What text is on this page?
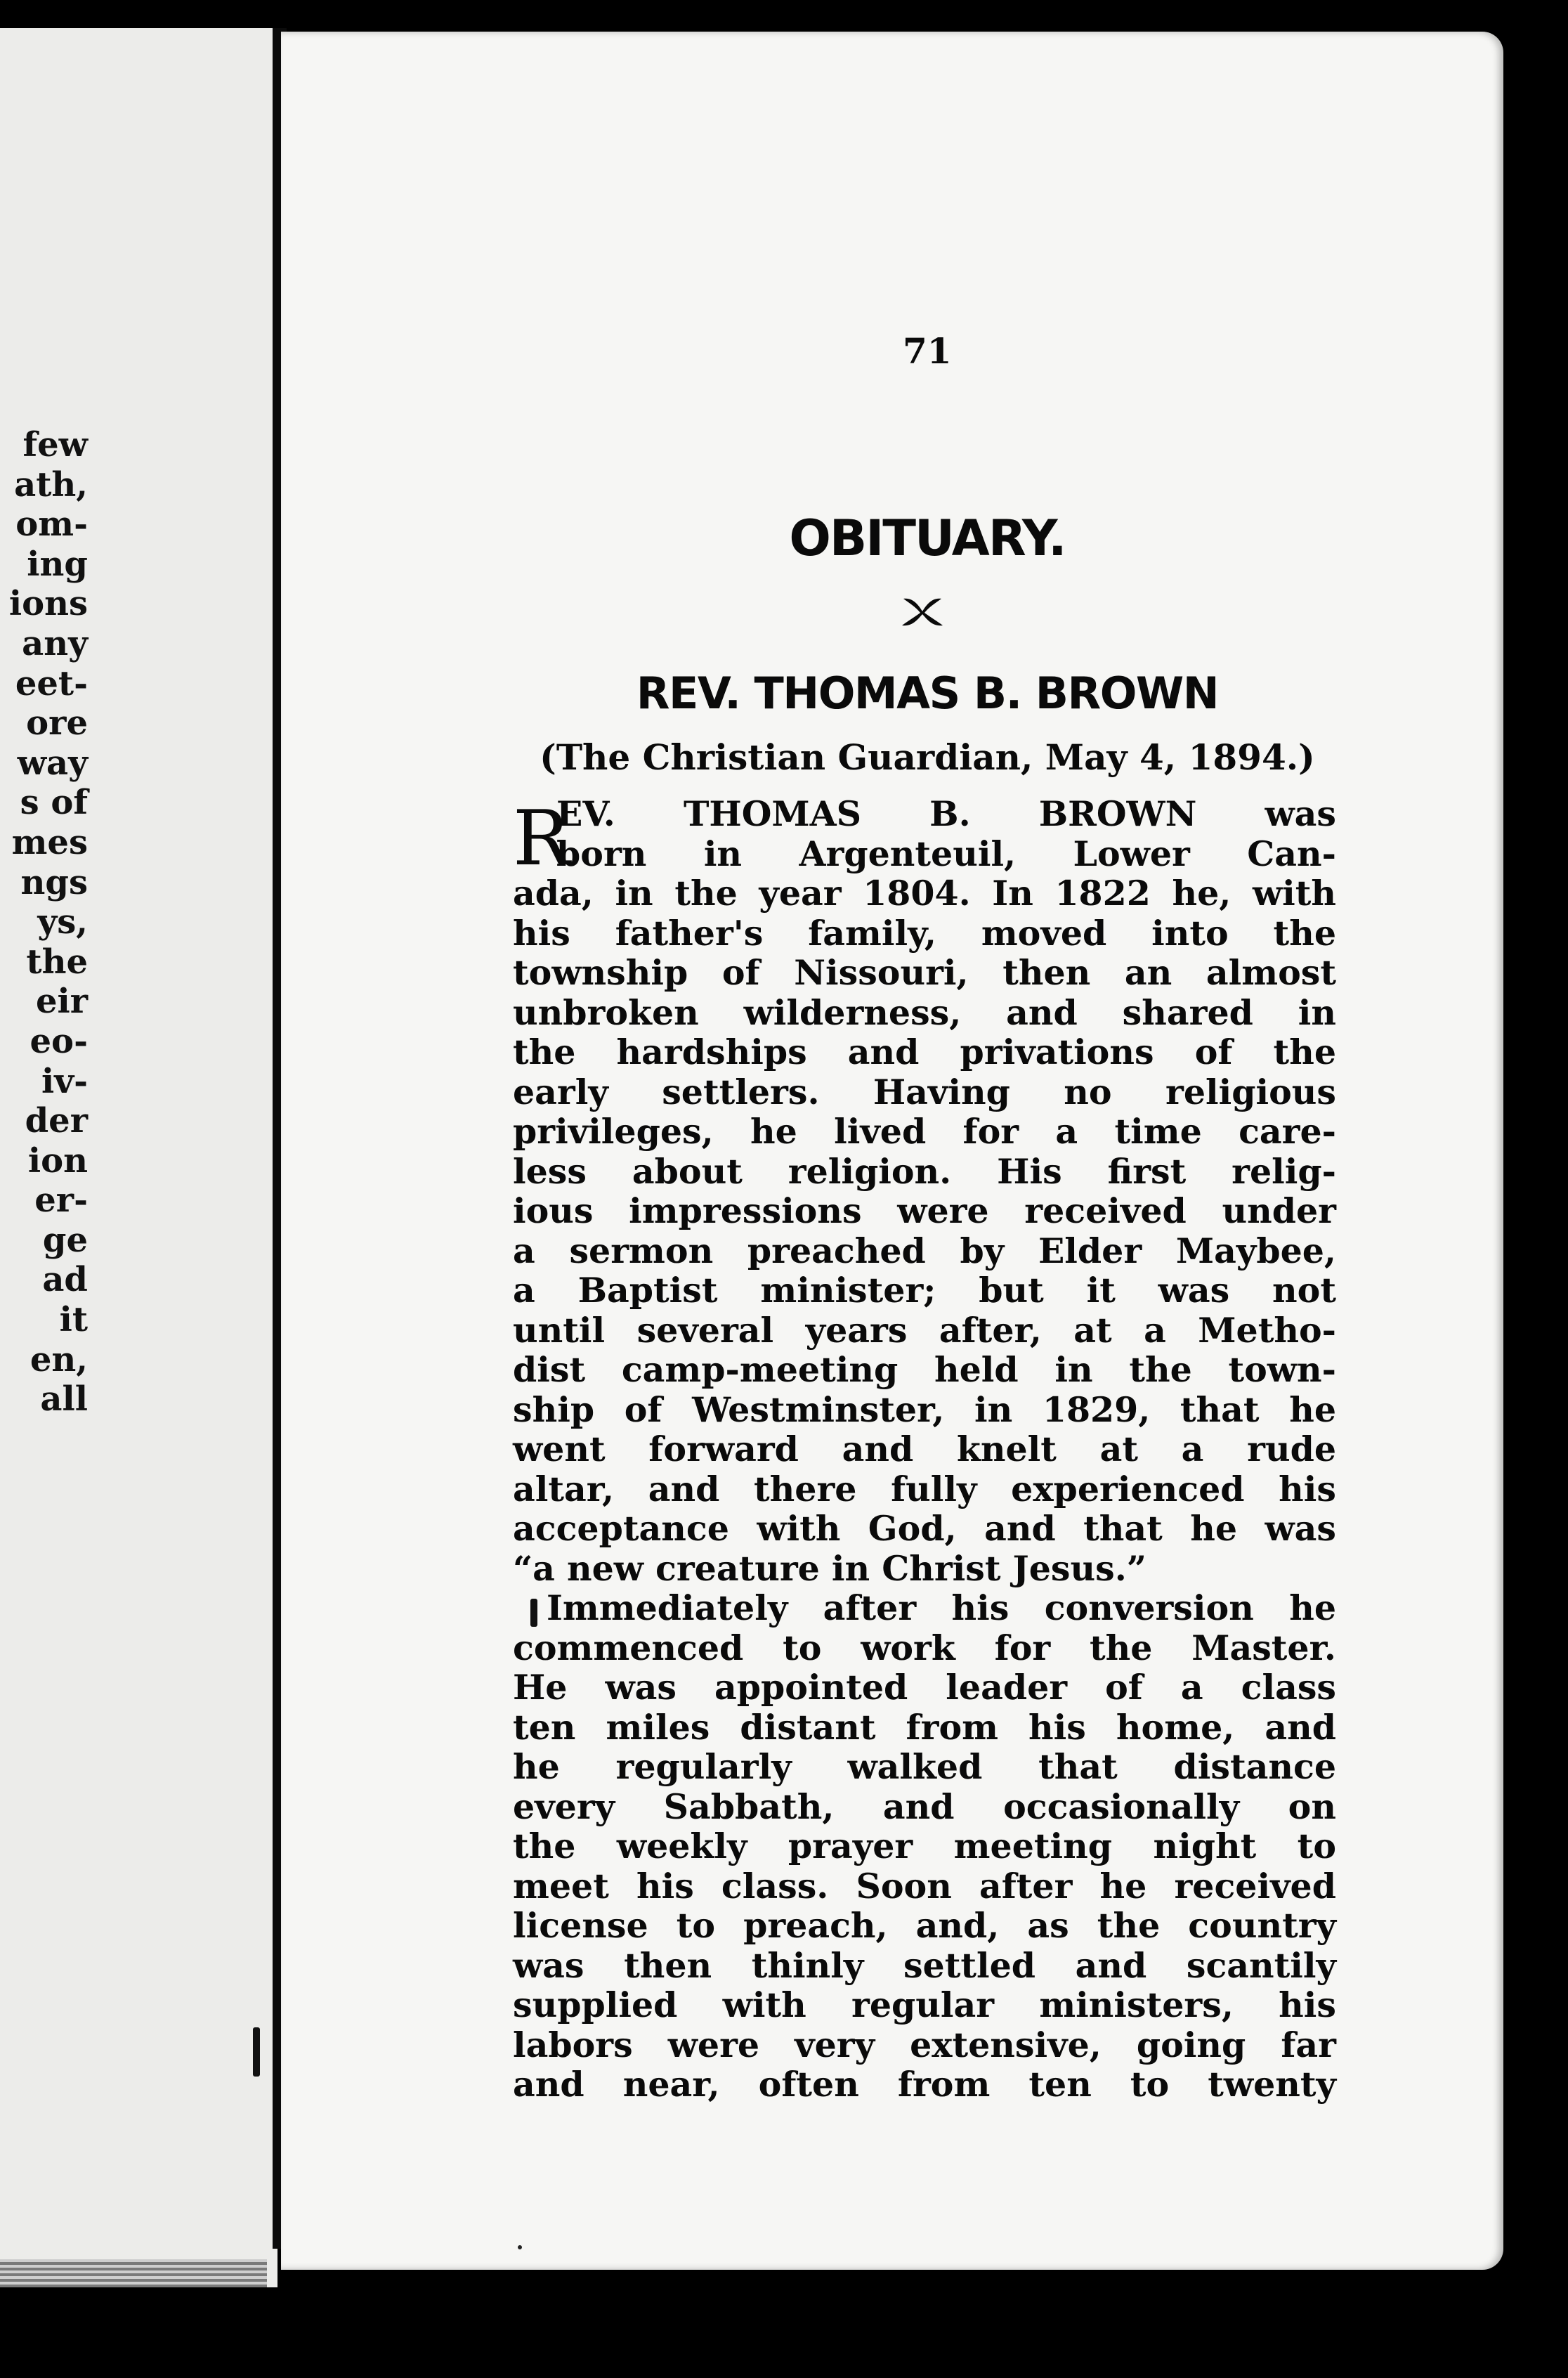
few
ath,
om-
ing
ions
any
eet-
ore
way
s of
mes
ngs
ys,
the
eir
eo-
iv-
der
ion
er-
ge
ad
it
en,
all
71
OBITUARY.
REV. THOMAS B. BROWN
(The Christian Guardian, May 4, 1894.)
R
EV. THOMAS B. BROWN was
born in Argenteuil, Lower Can-
ada, in the year 1804. In 1822 he, with
his father's family, moved into the
township of Nissouri, then an almost
unbroken wilderness, and shared in
the hardships and privations of the
early settlers. Having no religious
privileges, he lived for a time care-
less about religion. His first relig-
ious impressions were received under
a sermon preached by Elder Maybee,
a Baptist minister; but it was not
until several years after, at a Metho-
dist camp-meeting held in the town-
ship of Westminster, in 1829, that he
went forward and knelt at a rude
altar, and there fully experienced his
acceptance with God, and that he was
“a new creature in Christ Jesus.”
Immediately after his conversion he
commenced to work for the Master.
He was appointed leader of a class
ten miles distant from his home, and
he regularly walked that distance
every Sabbath, and occasionally on
the weekly prayer meeting night to
meet his class. Soon after he received
license to preach, and, as the country
was then thinly settled and scantily
supplied with regular ministers, his
labors were very extensive, going far
and near, often from ten to twenty
